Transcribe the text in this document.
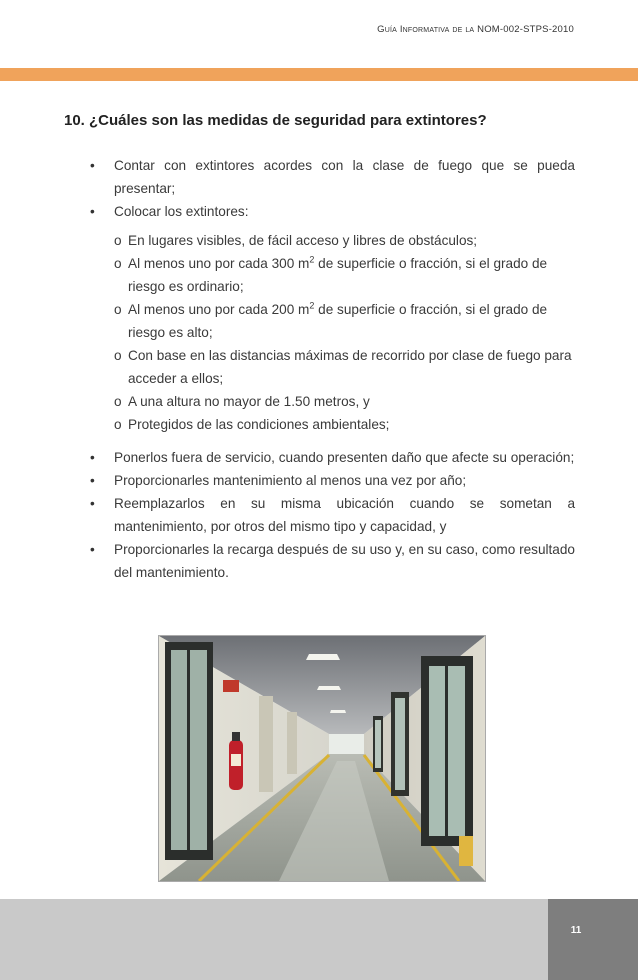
Guía Informativa de la NOM-002-STPS-2010
10. ¿Cuáles son las medidas de seguridad para extintores?
• Contar con extintores acordes con la clase de fuego que se pueda presentar;
• Colocar los extintores:
o En lugares visibles, de fácil acceso y libres de obstáculos;
o Al menos uno por cada 300 $m^2$ de superficie o fracción, si el grado de riesgo es ordinario;
o Al menos uno por cada 200 $m^2$ de superficie o fracción, si el grado de riesgo es alto;
o Con base en las distancias máximas de recorrido por clase de fuego para acceder a ellos;
o A una altura no mayor de 1.50 metros, y
o Protegidos de las condiciones ambientales;
• Ponerlos fuera de servicio, cuando presenten daño que afecte su operación;
• Proporcionarles mantenimiento al menos una vez por año;
• Reemplazarlos en su misma ubicación cuando se sometan a mantenimiento, por otros del mismo tipo y capacidad, y
• Proporcionarles la recarga después de su uso y, en su caso, como resultado del mantenimiento.
11
